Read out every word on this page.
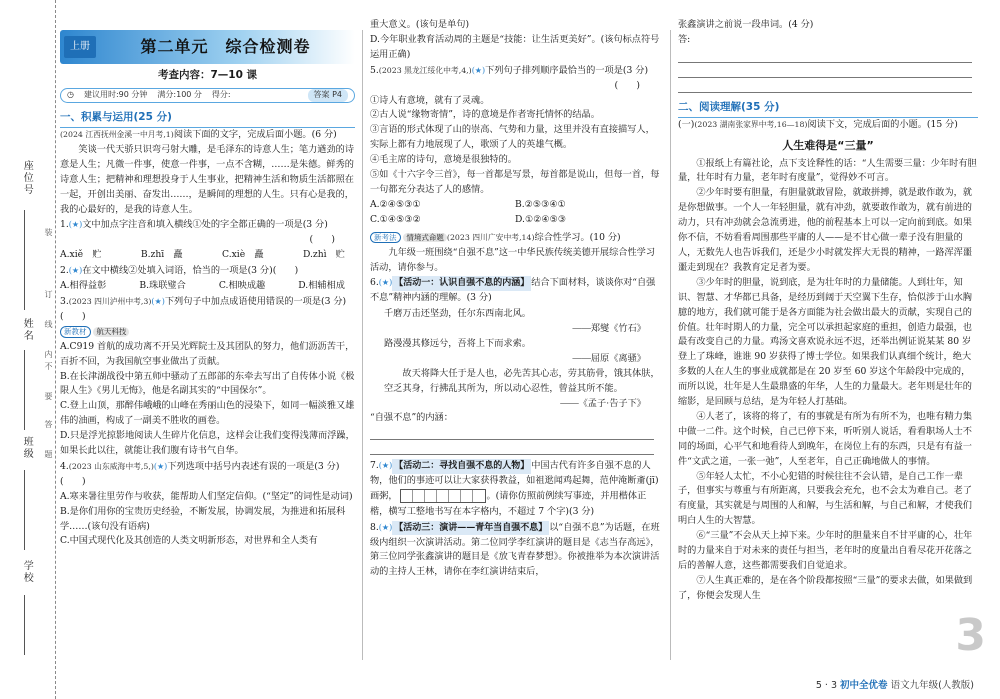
座位号
姓名
班级
学校
装
订
线
内
不
要
答
题
上册	第二单元　综合检测卷
考查内容：7—10 课
◷ 建议用时:90 分钟 满分:100 分 得分:	答案 P4
一、积累与运用(25 分)

(2024 江西抚州金溪一中月考,1)阅读下面的文字，完成后面小题。(6 分)

笑谈一代天骄只识弯弓射大雕，是毛泽东的诗意人生；笔力遒劲的诗意是人生；凡微一件事，使意一件事，一点不含糊，……是朱德。鲜秀的诗意人生；把精神和理想投身于人生事业，把精神生活和物质生活都照在一起，开创出美丽、奋发出……，是瞬间的理想的人生。只有心是我的，我的心最好的，是我的诗意人生。

1.(★)文中加点字注音和填入横线①处的字全都正确的一项是(3 分)

(　　)

A.xiě　贮	B.zhī　矗	C.xiè　矗	D.zhì　贮

2.(★)在文中横线②处填入词语，恰当的一项是(3 分)(　　)

A.相得益彰	B.珠联璧合	C.相映成趣	D.相辅相成

3.(2023 四川泸州中考,3)(★)下列句子中加点成语使用错误的一项是(3 分)(　　)

新教材 航天科技

A.C919 首航的成功离不开吴光辉院士及其团队的努力，他们沥沥苦干，百折不回，为我国航空事业做出了贡献。

B.在长津湖战役中第五师中骚动了五郎部的东牵去写出了自传体小说《极限人生》《男儿无悔》，他是名副其实的“中国保尔”。

C.登上山顶，那醉伟峨峨的山峰在秀丽山色的浸染下，如同一幅淡雅又雄伟的油画，构成了一副美不胜收的画卷。

D.只是浮光掠影地阅读人生碎片化信息，这样会让我们变得浅薄而浮躁，如果长此以往，就能让我们腹有诗书气自华。

4.(2023 山东威海中考,5,)(★)下列选项中括号内表述有误的一项是(3 分)(　　)

A.寒来暑往里劳作与收获，能帮助人们坚定信仰。(“坚定”的词性是动词)

B.是你们用你的宝贵历史经验，不断发展，协调发展，为推进和拓展科学……(该句没有语病)

C.中国式现代化及其创造的人类文明新形态，对世界和全人类有

重大意义。(该句是单句)

D.今年职业教育活动周的主题是“技能：让生活更美好”。(该句标点符号运用正确)

5.(2023 黑龙江绥化中考,4,)(★)下列句子排列顺序最恰当的一项是(3 分)

(　　)

①诗人有意境，就有了灵魂。

②古人说“缘物寄情”，诗的意境是作者寄托情怀的结晶。

③言语的形式体现了山的崇高、气势和力量，这里并没有直接描写人，实际上都有力地展现了人，歌颂了人的英雄气概。

④毛主席的诗句，意境是很独特的。

⑤如《十六字令三首》，每一首都是写景，毎首都是说山，但每一首，每一句都充分表达了人的感情。

A.②④⑤③①	B.②⑤③④①
C.①④⑤③②	D.①②④⑤③

新考法 情境式命题 (2023 四川广安中考,14)综合性学习。(10 分)

九年级一班围绕“自强不息”这一中华民族传统美德开展综合性学习活动，请你参与。

6.(★) 【活动一：认识自强不息的内涵】 结合下面材料，谈谈你对“自强不息”精神内涵的理解。(3 分)

千磨万击还坚劲，任尔东西南北风。

——郑燮《竹石》

路漫漫其修远兮，吾将上下而求索。

——屈原《离骚》

故天将降大任于是人也，必先苦其心志，劳其筋骨，饿其体肤，空乏其身，行拂乱其所为，所以动心忍性，曾益其所不能。

——《孟子·告子下》

“自强不息”的内涵：

7.(★) 【活动二：寻找自强不息的人物】 中国古代有许多自强不息的人物，他们的事迹可以让大家获得教益，如祖逖闻鸡起舞，范仲淹断齑(jī)画粥，	。(请你仿照前例续写事迹，并用楷体正楷，横写工整地书写在本字格内，不超过 7 个字)(3 分)

8.(★) 【活动三：演讲——青年当自强不息】 以“自强不息”为话题，在班级内组织一次演讲活动。第二位同学李红演讲的题目是《志当存高远》，第三位同学张鑫演讲的题目是《放飞青春梦想》。你被推举为本次演讲活动的主持人王林，请你在李红演讲结束后，

张鑫演讲之前说一段串词。(4 分)

答:

二、阅读理解(35 分)

(一)(2023 湖南张家界中考,16—18)阅读下文，完成后面的小题。(15 分)

人生难得是“三量”

①报纸上有篇社论，点下支诠释性的话：“人生需要三量：少年时有胆量，壮年时有力量，老年时有度量”，觉得妙不可言。

②少年时要有胆量，有胆量就敢冒险，就敢拼搏，就是敢作敢为，就是你想做事。一个人一年轻胆量，就有冲劲，就要敢作敢为，就有前进的动力，只有冲劲就会急流勇进，他的前程基本上可以一定向前到底。如果你不信，不妨看看周围那些平庸的人——是不甘心做一辈子没有胆量的人，无数先人也告诉我们，还是少小时就发挥大无畏的精神，一路浑浑噩噩走到现在？我教育定足者为要。

③少年时的胆量，说到底，是为壮年时的力量储能。人到壮年，知识、智慧、才华都已具备，是经历到阔于天空翼下生存，恰似涉于山水胸臆的地方，我们就可能于是各方面能为社会做出最大的贡献，实现自己的价值。壮年时期人的力量，完全可以承担起家庭的重担，创造力最强，也最有改变自己的力量。鸡汤文喜欢说永远不迟，还举出例证说某某 80 岁登上了珠峰，谁谁 90 岁获得了博士学位。如果我们认真细个统计，绝大多数的人在人生的事业成就都是在 20 岁至 60 岁这个年龄段中完成的，而所以说，壮年是人生最鼎盛的年华，人生的力量最大。老年则是壮年的缩影，是回顾与总结，是为年轻人打基础。

④人老了，该将的将了，有的事就是有所为有所不为，也唯有精力集中做一二件。这个时候，自己已停下来，听听别人说话，看看职场人士不同的场面，心平气和地看待人到晚年，在岗位上有的东西，只是有有益一件“文武之道，一张一弛”，人至老年，自己正确地做人的事情。

⑤年轻人太忙，不小心犯错的时候往往不会认错，是自己工作一辈子，但事实与尊重与有所距离，只要我会充允，也不会太为难自己。老了有度量，其实就是与周围的人和解，与生活和解，与自己和解，才使我们明白人生的大智慧。

⑥“三量”不会从天上掉下来。少年时的胆量来自不甘平庸的心，壮年时的力量来自于对未来的责任与担当，老年时的度量出自看尽花开花落之后的善解人意，这些都需要我们自觉追求。

⑦人生真正难的，是在各个阶段都按照“三量”的要求去做，如果做到了，你便会发现人生

3
5 · 3 初中全优卷 语文九年级(人教版)
